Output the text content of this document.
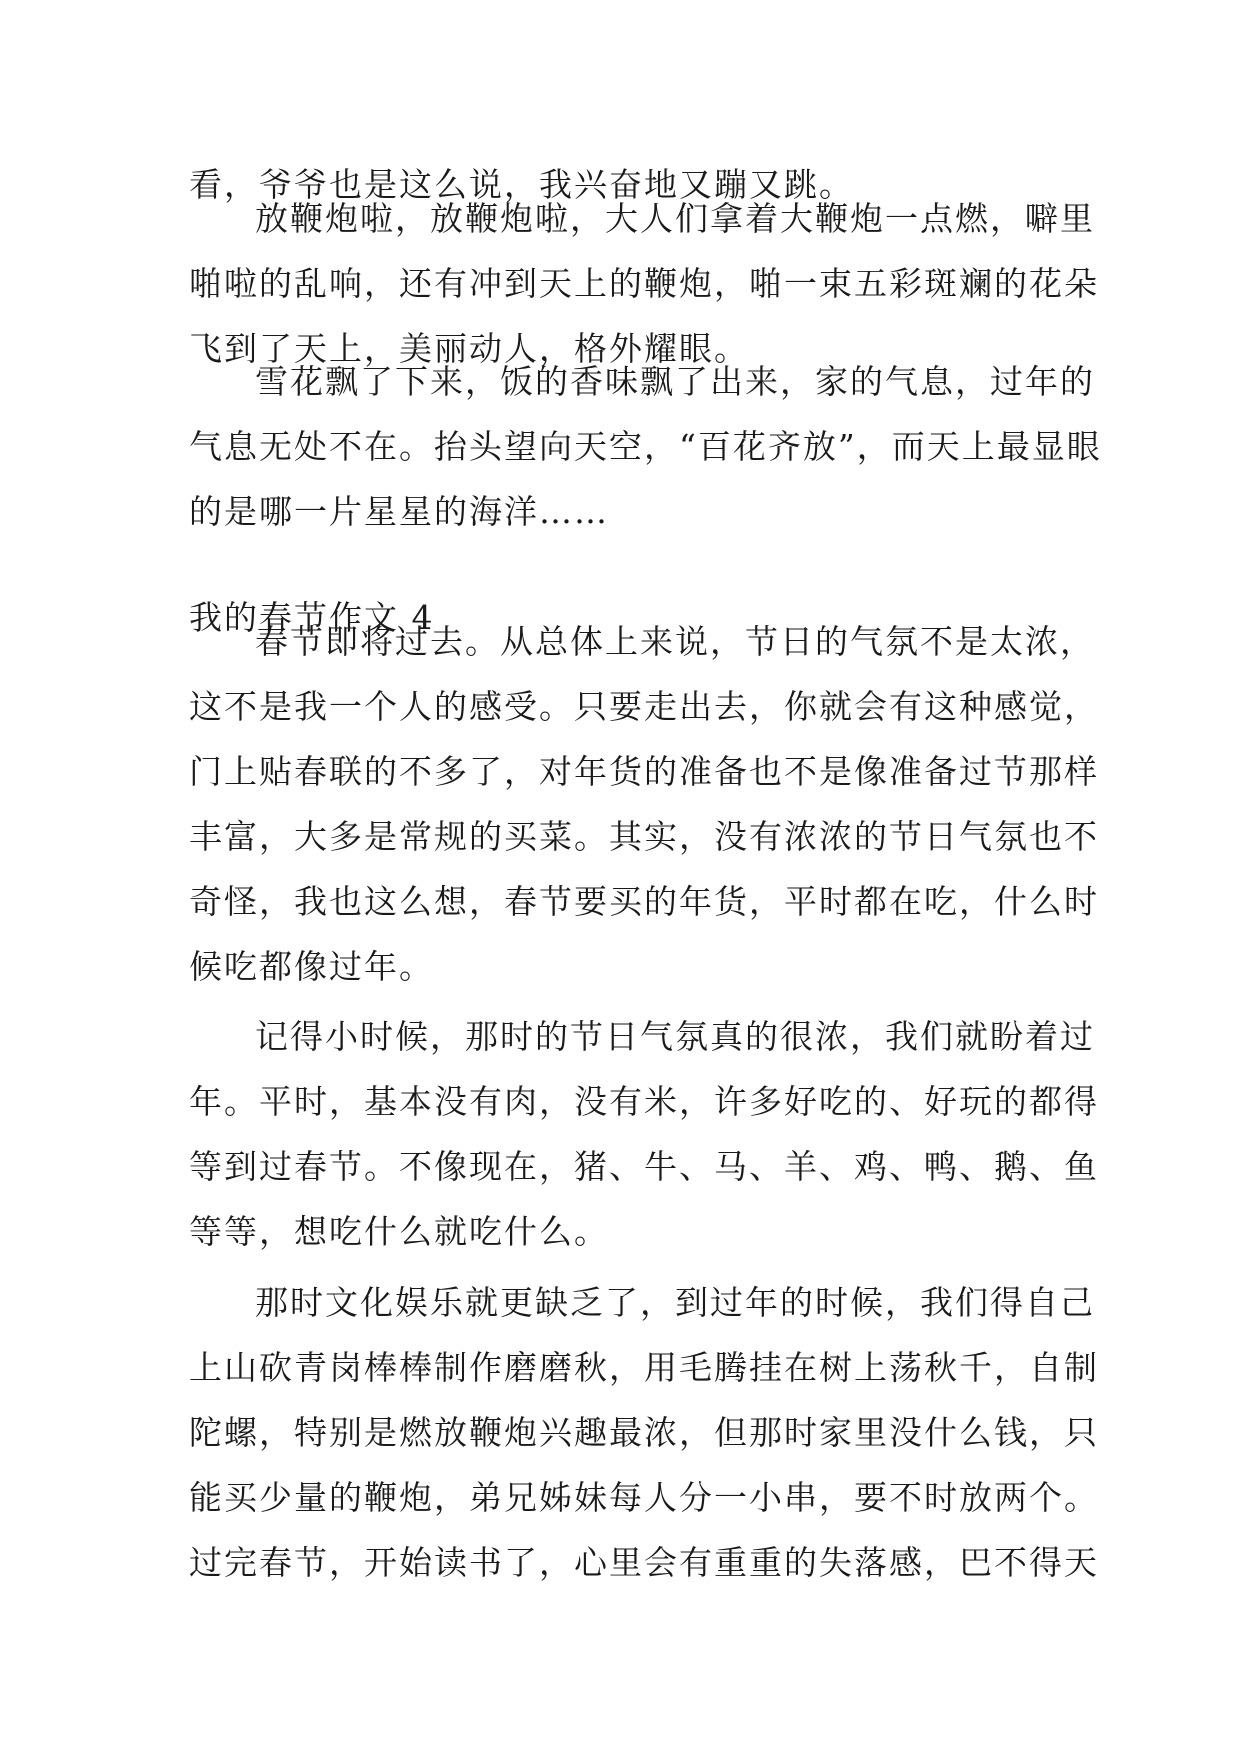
看，爷爷也是这么说，我兴奋地又蹦又跳。
放鞭炮啦，放鞭炮啦，大人们拿着大鞭炮一点燃，噼里
啪啦的乱响，还有冲到天上的鞭炮，啪一束五彩斑斓的花朵
飞到了天上，美丽动人，格外耀眼。
雪花飘了下来，饭的香味飘了出来，家的气息，过年的
气息无处不在。抬头望向天空，“百花齐放”，而天上最显眼
的是哪一片星星的海洋……
我的春节作文 4
春节即将过去。从总体上来说，节日的气氛不是太浓，
这不是我一个人的感受。只要走出去，你就会有这种感觉，
门上贴春联的不多了，对年货的准备也不是像准备过节那样
丰富，大多是常规的买菜。其实，没有浓浓的节日气氛也不
奇怪，我也这么想，春节要买的年货，平时都在吃，什么时
候吃都像过年。
记得小时候，那时的节日气氛真的很浓，我们就盼着过
年。平时，基本没有肉，没有米，许多好吃的、好玩的都得
等到过春节。不像现在，猪、牛、马、羊、鸡、鸭、鹅、鱼
等等，想吃什么就吃什么。
那时文化娱乐就更缺乏了，到过年的时候，我们得自己
上山砍青岗棒棒制作磨磨秋，用毛腾挂在树上荡秋千，自制
陀螺，特别是燃放鞭炮兴趣最浓，但那时家里没什么钱，只
能买少量的鞭炮，弟兄姊妹每人分一小串，要不时放两个。
过完春节，开始读书了，心里会有重重的失落感，巴不得天
